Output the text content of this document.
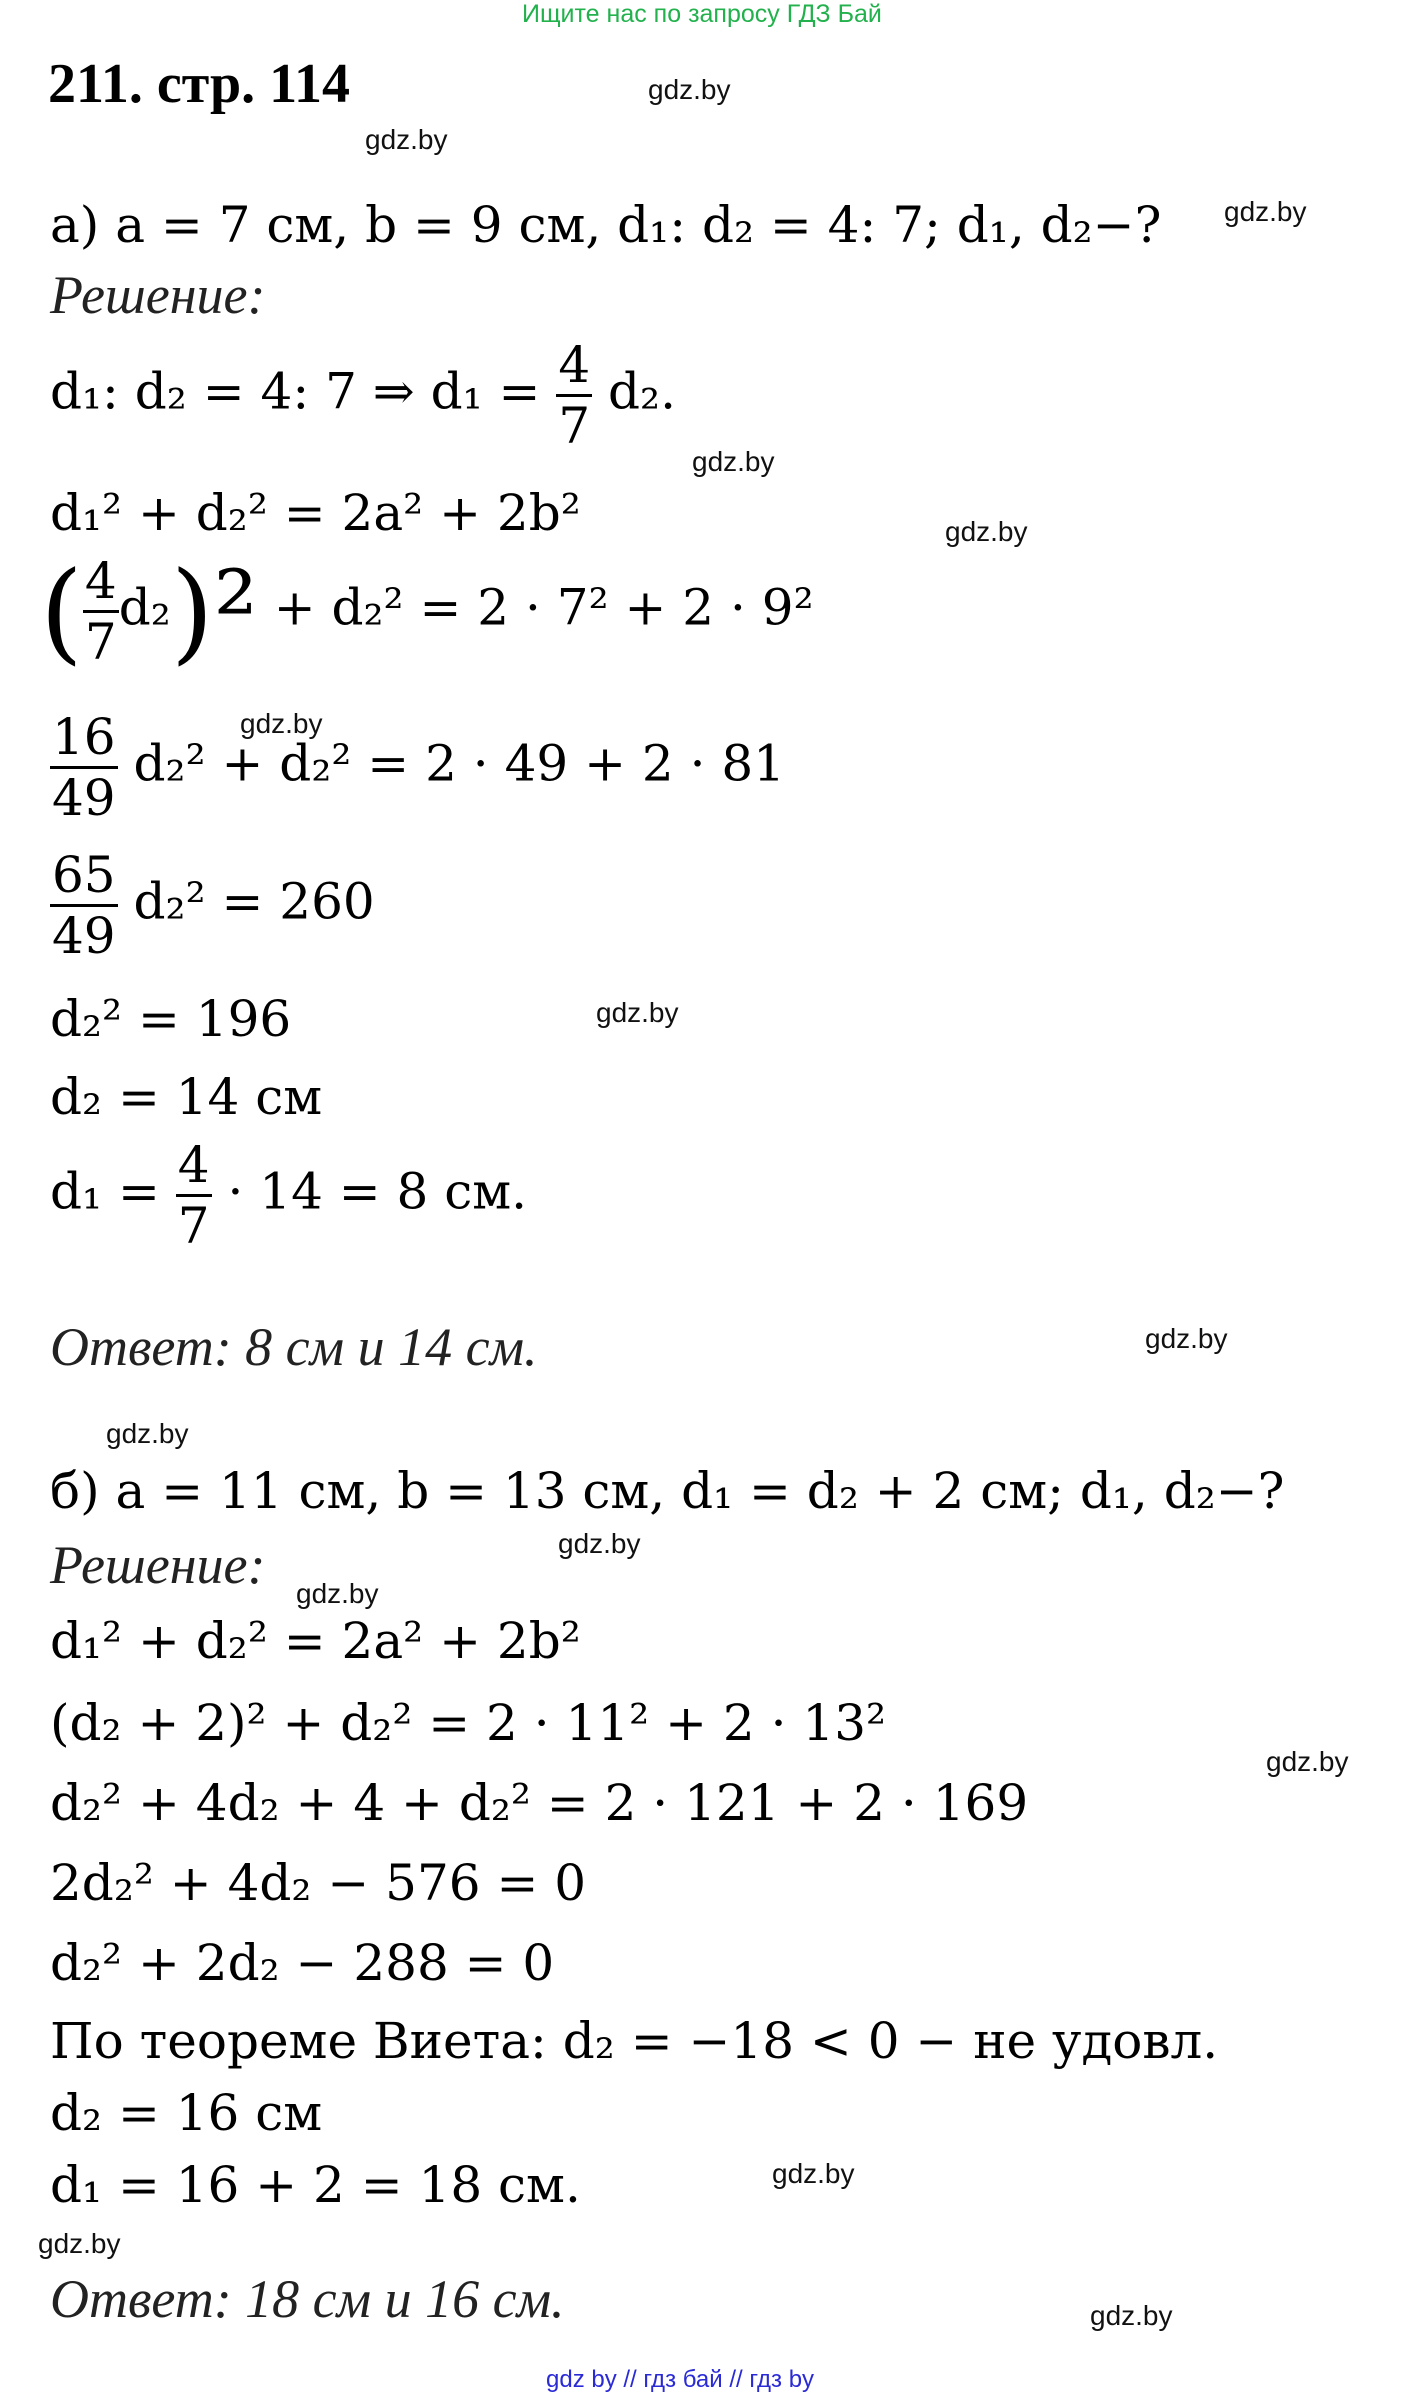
Ищите нас по запросу ГДЗ Бай
211. стр. 114	gdz.by
gdz.by
gdz.by
gdz.by
gdz.by
gdz.by
gdz.by
gdz.by
gdz.by
gdz.by
gdz.by
gdz.by
gdz.by
gdz.by
gdz.by
а) a = 7 см, b = 9 см, d₁: d₂ = 4: 7; d₁, d₂−?
Решение:
d₁: d₂ = 4: 7 ⇒ $d_1 = \frac{4}{7} d_2$.
d₁² + d₂² = 2a² + 2b²
( $\frac{4}{7} d_2)^2 + d_2^2 = 2 \cdot 7^2 + 2 \cdot 9^2$
$\frac{16}{49} d_2^2 + d_2^2 = 2 \cdot 49 + 2 \cdot 81$
$\frac{65}{49} d_2^2 = 260$
d₂² = 196
d₂ = 14 см
$d_1 = \frac{4}{7} \cdot 14 = 8$ см.
Ответ: 8 см и 14 см.
б) a = 11 см, b = 13 см, d₁ = d₂ + 2 см; d₁, d₂−?
Решение:
d₁² + d₂² = 2a² + 2b²
(d₂ + 2)² + d₂² = 2 · 11² + 2 · 13²
d₂² + 4d₂ + 4 + d₂² = 2 · 121 + 2 · 169
2d₂² + 4d₂ − 576 = 0
d₂² + 2d₂ − 288 = 0
По теореме Виета: d₂ = −18 < 0 − не удовл.
d₂ = 16 см
d₁ = 16 + 2 = 18 см.
Ответ: 18 см и 16 см.
gdz by // гдз бай // гдз by
